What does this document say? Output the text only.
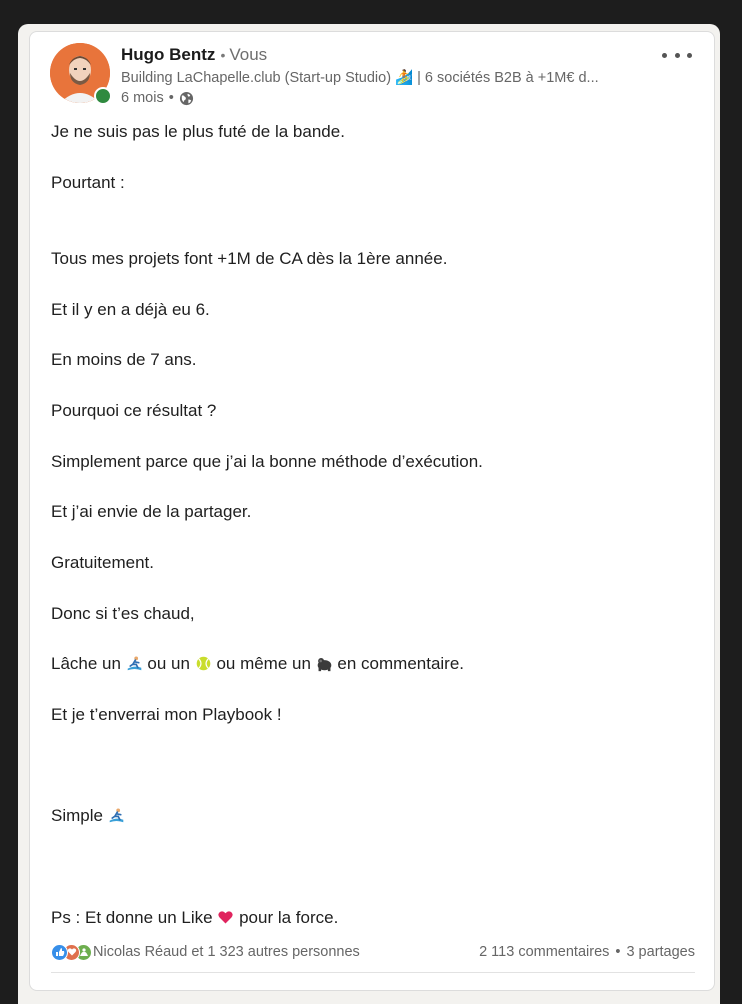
Hugo Bentz • Vous
Building LaChapelle.club (Start-up Studio) 🏄 | 6 sociétés B2B à +1M€ d...
6 mois •
Je ne suis pas le plus futé de la bande.
Pourtant :
Tous mes projets font +1M de CA dès la 1ère année.
Et il y en a déjà eu 6.
En moins de 7 ans.
Pourquoi ce résultat ?
Simplement parce que j’ai la bonne méthode d’exécution.
Et j’ai envie de la partager.
Gratuitement.
Donc si t’es chaud,
Lâche un ou un ou même un en commentaire.
Et je t’enverrai mon Playbook !
Simple
Ps : Et donne un Like pour la force.
Nicolas Réaud et 1 323 autres personnes	2 113 commentaires • 3 partages
